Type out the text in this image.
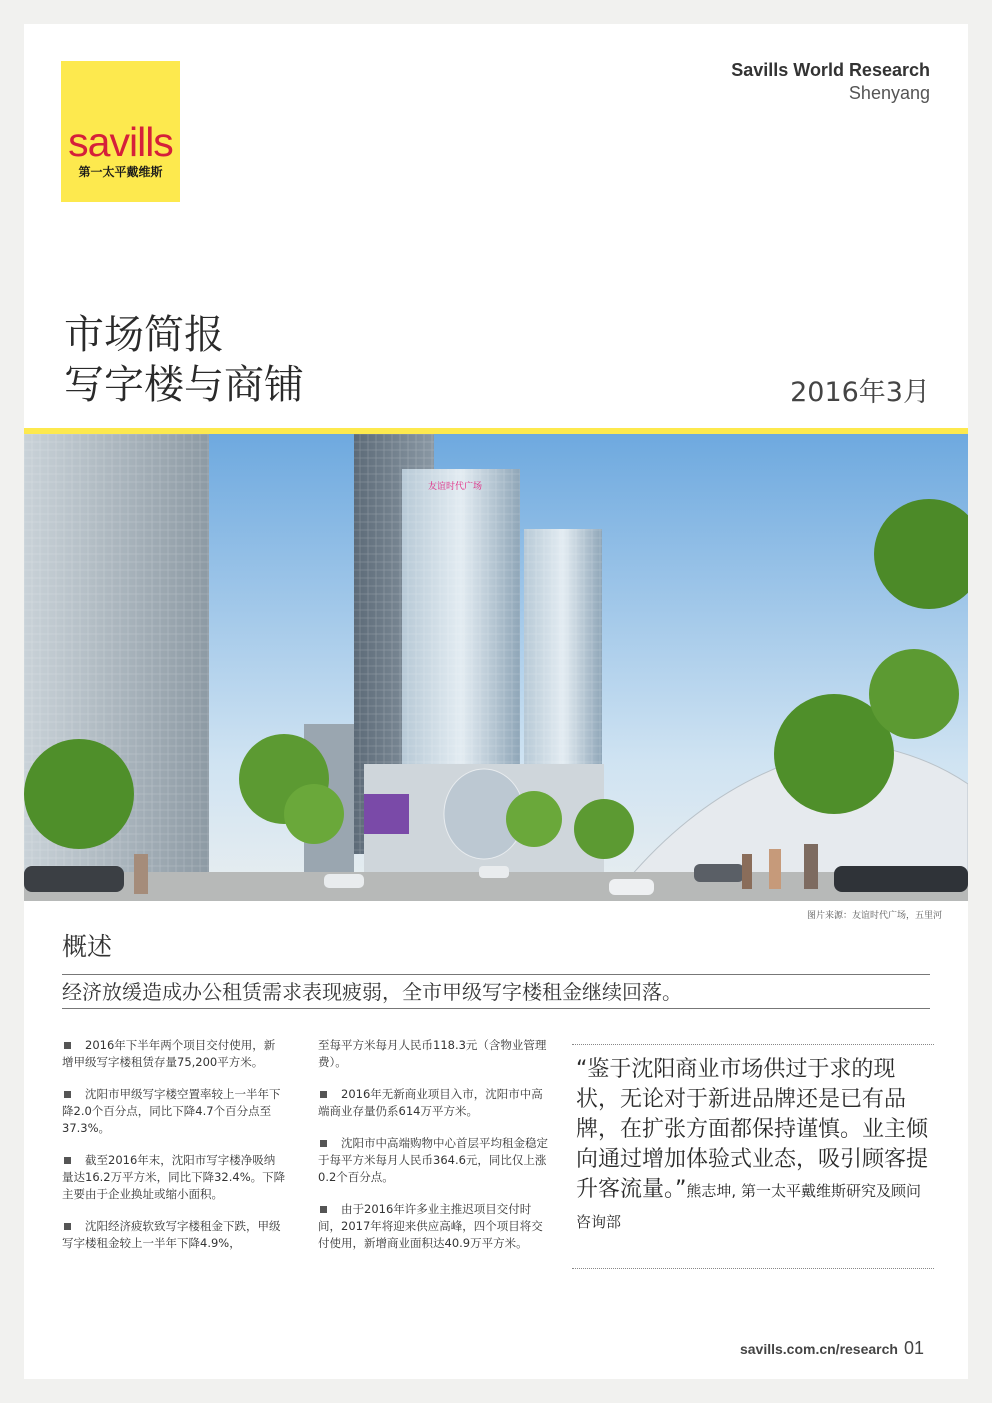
savills
第一太平戴维斯
Savills World Research
Shenyang
市场简报
写字楼与商铺	2016年3月
友谊时代广场
图片来源：友谊时代广场，五里河
概述
经济放缓造成办公租赁需求表现疲弱，全市甲级写字楼租金继续回落。

2016年下半年两个项目交付使用，新增甲级写字楼租赁存量75,200平方米。

沈阳市甲级写字楼空置率较上一半年下降2.0个百分点，同比下降4.7个百分点至37.3%。

截至2016年末，沈阳市写字楼净吸纳量达16.2万平方米，同比下降32.4%。下降主要由于企业换址或缩小面积。

沈阳经济疲软致写字楼租金下跌，甲级写字楼租金较上一半年下降4.9%，

至每平方米每月人民币118.3元（含物业管理费）。

2016年无新商业项目入市，沈阳市中高端商业存量仍系614万平方米。

沈阳市中高端购物中心首层平均租金稳定于每平方米每月人民币364.6元，同比仅上涨0.2个百分点。

由于2016年许多业主推迟项目交付时间，2017年将迎来供应高峰，四个项目将交付使用，新增商业面积达40.9万平方米。

“鉴于沈阳商业市场供过于求的现状，无论对于新进品牌还是已有品牌，在扩张方面都保持谨慎。业主倾向通过增加体验式业态，吸引顾客提升客流量。”熊志坤, 第一太平戴维斯研究及顾问咨询部
savills.com.cn/research 01
